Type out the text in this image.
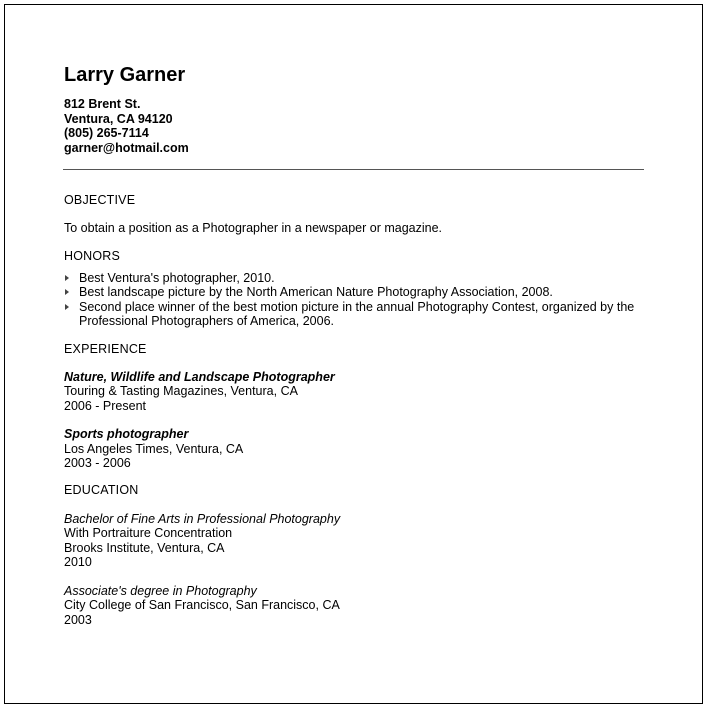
Larry Garner
812 Brent St.
Ventura, CA 94120
(805) 265-7114
garner@hotmail.com
OBJECTIVE
To obtain a position as a Photographer in a newspaper or magazine.
HONORS
Best Ventura's photographer, 2010.
Best landscape picture by the North American Nature Photography Association, 2008.
Second place winner of the best motion picture in the annual Photography Contest, organized by the Professional Photographers of America, 2006.
EXPERIENCE
Nature, Wildlife and Landscape Photographer
Touring & Tasting Magazines, Ventura, CA
2006 - Present
Sports photographer
Los Angeles Times, Ventura, CA
2003 - 2006
EDUCATION
Bachelor of Fine Arts in Professional Photography
With Portraiture Concentration
Brooks Institute, Ventura, CA
2010
Associate's degree in Photography
City College of San Francisco, San Francisco, CA
2003
